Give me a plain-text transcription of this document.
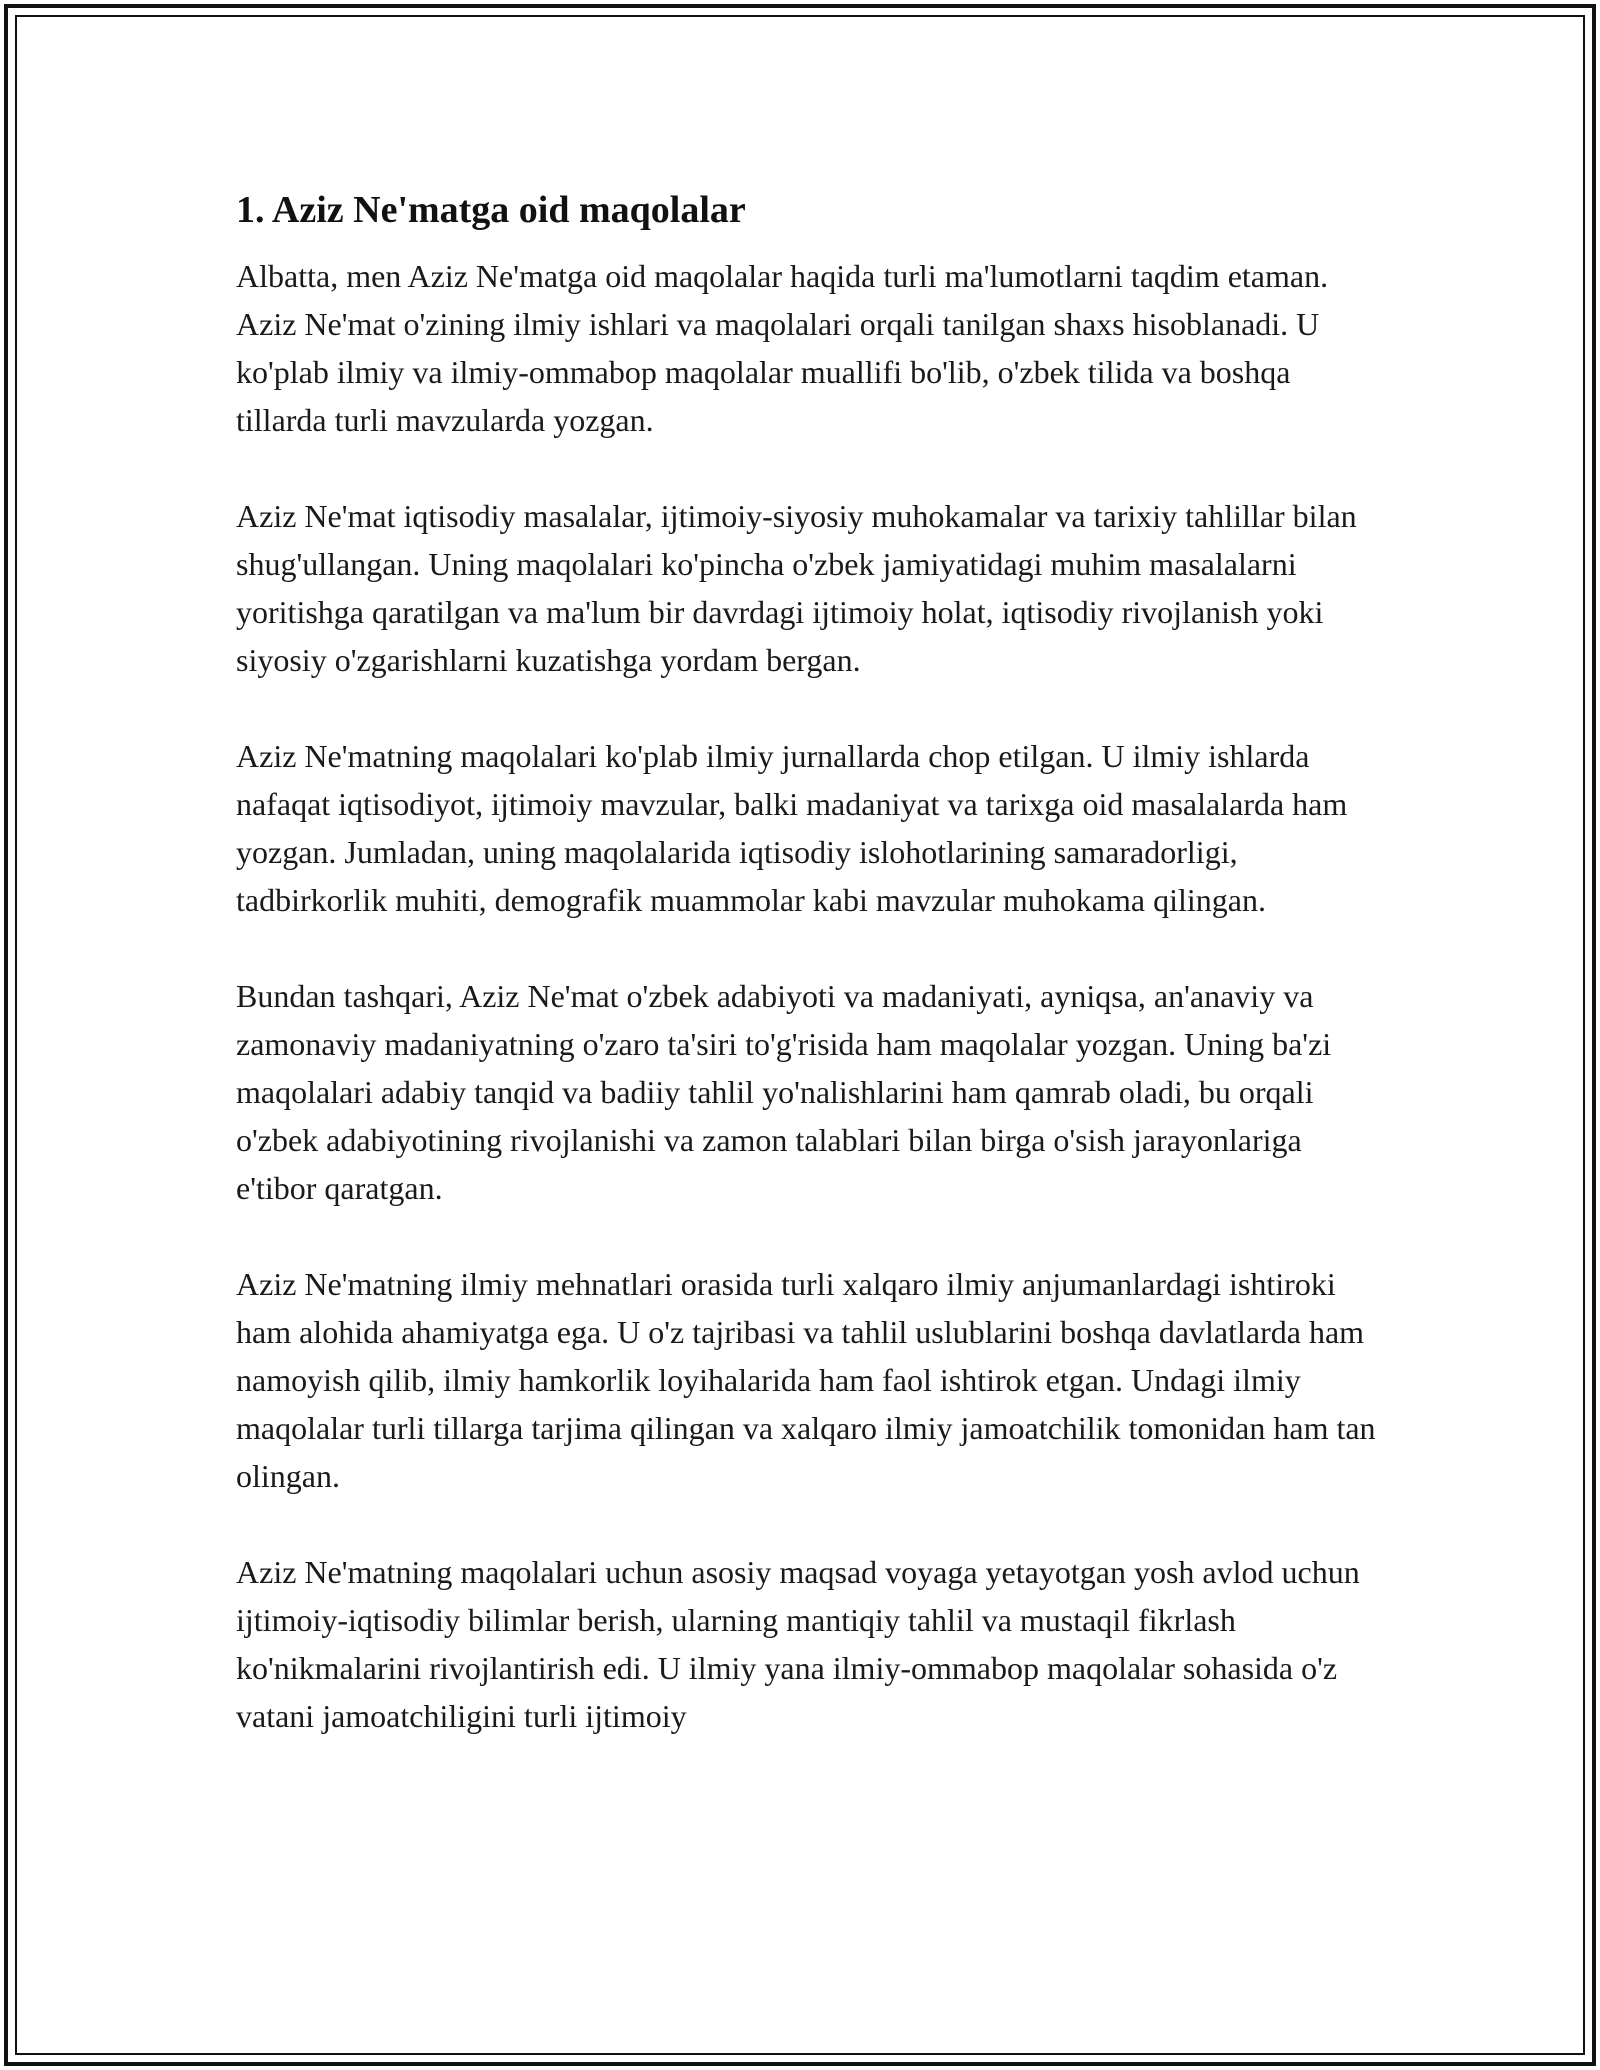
1. Aziz Ne'matga oid maqolalar

Albatta, men Aziz Ne'matga oid maqolalar haqida turli ma'lumotlarni taqdim etaman. Aziz Ne'mat o'zining ilmiy ishlari va maqolalari orqali tanilgan shaxs hisoblanadi. U ko'plab ilmiy va ilmiy-ommabop maqolalar muallifi bo'lib, o'zbek tilida va boshqa tillarda turli mavzularda yozgan.

Aziz Ne'mat iqtisodiy masalalar, ijtimoiy-siyosiy muhokamalar va tarixiy tahlillar bilan shug'ullangan. Uning maqolalari ko'pincha o'zbek jamiyatidagi muhim masalalarni yoritishga qaratilgan va ma'lum bir davrdagi ijtimoiy holat, iqtisodiy rivojlanish yoki siyosiy o'zgarishlarni kuzatishga yordam bergan.

Aziz Ne'matning maqolalari ko'plab ilmiy jurnallarda chop etilgan. U ilmiy ishlarda nafaqat iqtisodiyot, ijtimoiy mavzular, balki madaniyat va tarixga oid masalalarda ham yozgan. Jumladan, uning maqolalarida iqtisodiy islohotlarining samaradorligi, tadbirkorlik muhiti, demografik muammolar kabi mavzular muhokama qilingan.

Bundan tashqari, Aziz Ne'mat o'zbek adabiyoti va madaniyati, ayniqsa, an'anaviy va zamonaviy madaniyatning o'zaro ta'siri to'g'risida ham maqolalar yozgan. Uning ba'zi maqolalari adabiy tanqid va badiiy tahlil yo'nalishlarini ham qamrab oladi, bu orqali o'zbek adabiyotining rivojlanishi va zamon talablari bilan birga o'sish jarayonlariga e'tibor qaratgan.

Aziz Ne'matning ilmiy mehnatlari orasida turli xalqaro ilmiy anjumanlardagi ishtiroki ham alohida ahamiyatga ega. U o'z tajribasi va tahlil uslublarini boshqa davlatlarda ham namoyish qilib, ilmiy hamkorlik loyihalarida ham faol ishtirok etgan. Undagi ilmiy maqolalar turli tillarga tarjima qilingan va xalqaro ilmiy jamoatchilik tomonidan ham tan olingan.

Aziz Ne'matning maqolalari uchun asosiy maqsad voyaga yetayotgan yosh avlod uchun ijtimoiy-iqtisodiy bilimlar berish, ularning mantiqiy tahlil va mustaqil fikrlash ko'nikmalarini rivojlantirish edi. U ilmiy yana ilmiy-ommabop maqolalar sohasida o'z vatani jamoatchiligini turli ijtimoiy
